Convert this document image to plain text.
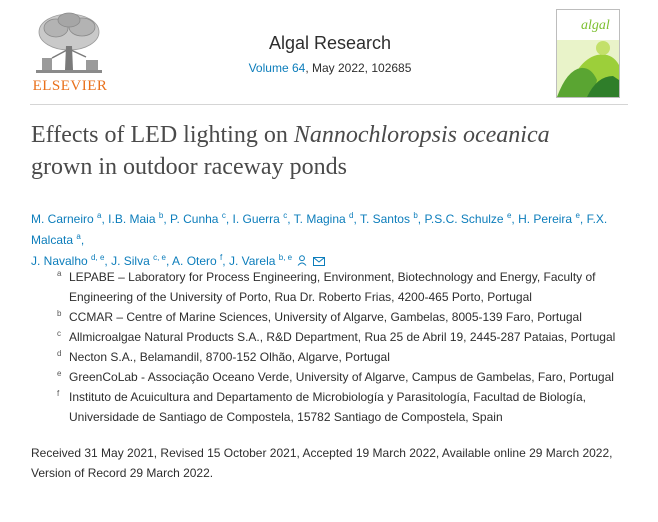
ELSEVIER
Algal Research
Volume 64, May 2022, 102685
algal
Effects of LED lighting on Nannochloropsis oceanica
grown in outdoor raceway ponds
M. Carneiro $^a$, I.B. Maia $^b$, P. Cunha $^c$, I. Guerra $^c$, T. Magina $^d$, T. Santos $^b$, P.S.C. Schulze $^e$, H. Pereira $^e$, F.X. Malcata $^a$,
J. Navalho $^{d, e}$, J. Silva $^{c, e}$, A. Otero $^f$, J. Varela $^{b, e}$
a LEPABE – Laboratory for Process Engineering, Environment, Biotechnology and Energy, Faculty of
Engineering of the University of Porto, Rua Dr. Roberto Frias, 4200-465 Porto, Portugal
b CCMAR – Centre of Marine Sciences, University of Algarve, Gambelas, 8005-139 Faro, Portugal
c Allmicroalgae Natural Products S.A., R&D Department, Rua 25 de Abril 19, 2445-287 Pataias, Portugal
d Necton S.A., Belamandil, 8700-152 Olhão, Algarve, Portugal
e GreenCoLab - Associação Oceano Verde, University of Algarve, Campus de Gambelas, Faro, Portugal
f Instituto de Acuicultura and Departamento de Microbiología y Parasitología, Facultad de Biología,
Universidade de Santiago de Compostela, 15782 Santiago de Compostela, Spain
Received 31 May 2021, Revised 15 October 2021, Accepted 19 March 2022, Available online 29 March 2022,
Version of Record 29 March 2022.
